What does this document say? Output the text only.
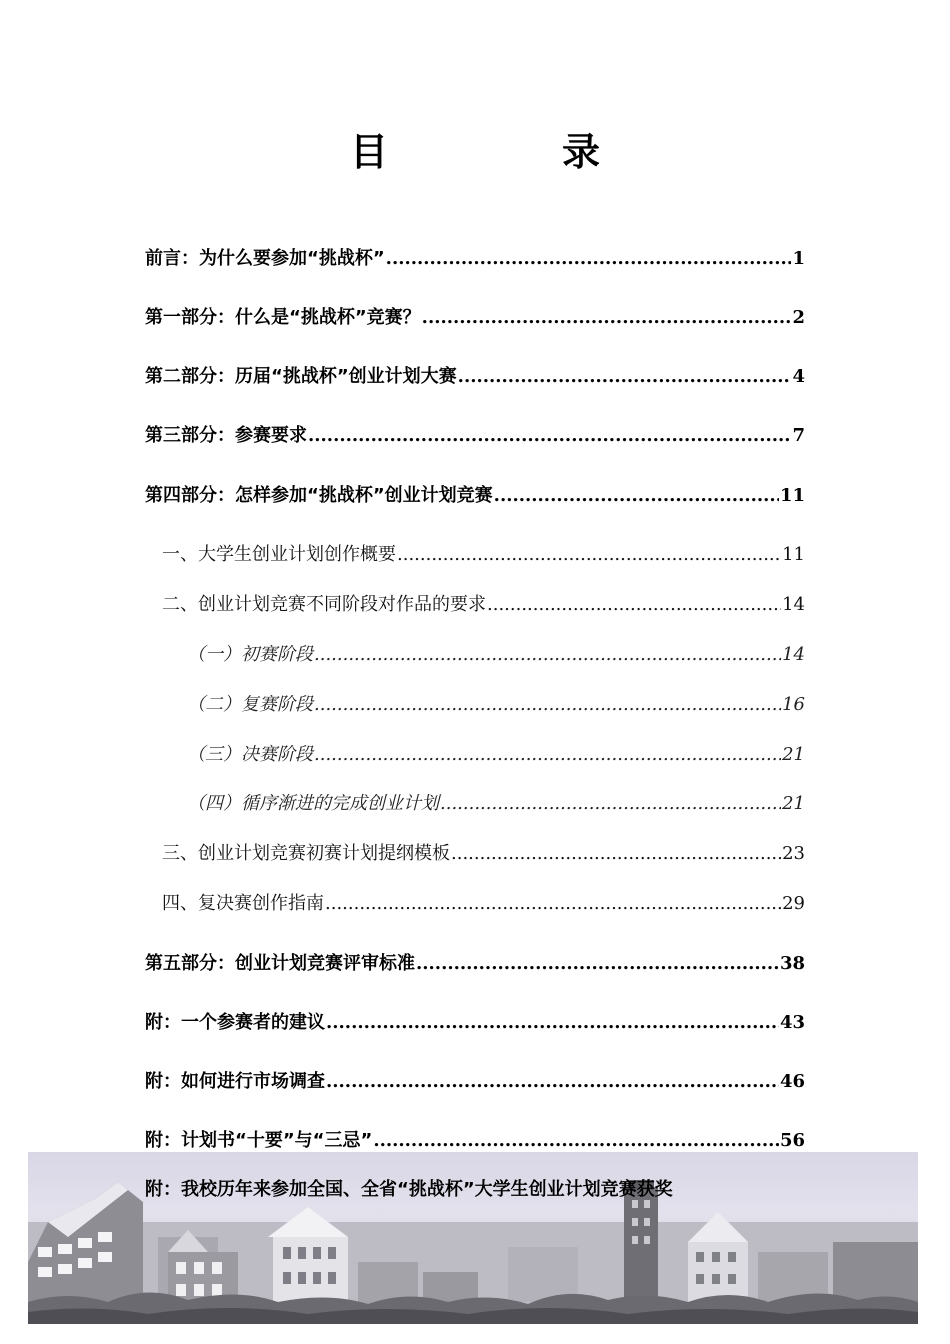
目　录
前言：为什么要参加“挑战杯” .....	1
第一部分：什么是“挑战杯”竞赛？ .....	2
第二部分：历届“挑战杯”创业计划大赛 .....	4
第三部分：参赛要求 .....	7
第四部分：怎样参加“挑战杯”创业计划竞赛 .....	11
一、大学生创业计划创作概要 .....	11
二、创业计划竞赛不同阶段对作品的要求 .....	14
（一）初赛阶段 .....	14
（二）复赛阶段 .....	16
（三）决赛阶段 .....	21
（四）循序渐进的完成创业计划 .....	21
三、创业计划竞赛初赛计划提纲模板 .....	23
四、复决赛创作指南 .....	29
第五部分：创业计划竞赛评审标准 .....	38
附：一个参赛者的建议 .....	43
附：如何进行市场调查 .....	46
附：计划书“十要”与“三忌” .....	56
附：我校历年来参加全国、全省“挑战杯”大学生创业计划竞赛获奖
